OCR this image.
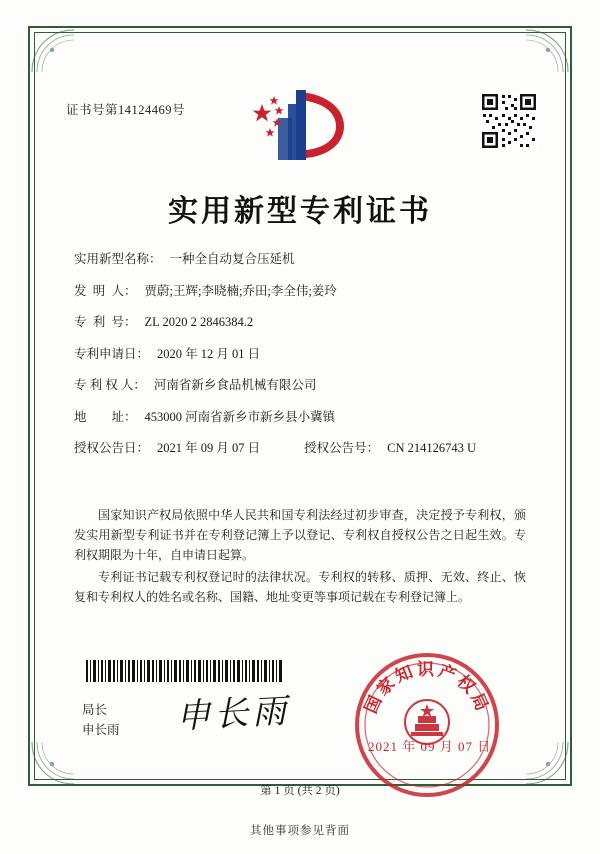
证书号第14124469号
实用新型专利证书
实用新型名称： 一种全自动复合压延机
发  明  人： 贾蔚;王辉;李晓楠;乔田;李全伟;姜玲
专  利  号： ZL 2020 2 2846384.2
专利申请日： 2020 年 12 月 01 日
专 利 权 人： 河南省新乡食品机械有限公司
地        址： 453000 河南省新乡市新乡县小冀镇
授权公告日： 2021 年 09 月 07 日	授权公告号： CN 214126743 U

国家知识产权局依照中华人民共和国专利法经过初步审查，决定授予专利权，颁发实用新型专利证书并在专利登记簿上予以登记、专利权自授权公告之日起生效。专利权期限为十年，自申请日起算。

专利证书记载专利权登记时的法律状况。专利权的转移、质押、无效、终止、恢复和专利权人的姓名或名称、国籍、地址变更等事项记载在专利登记簿上。

局长
申长雨 申长雨	国家知识产权局
2021 年 09 月 07 日
第 1 页 (共 2 页)
其他事项参见背面
